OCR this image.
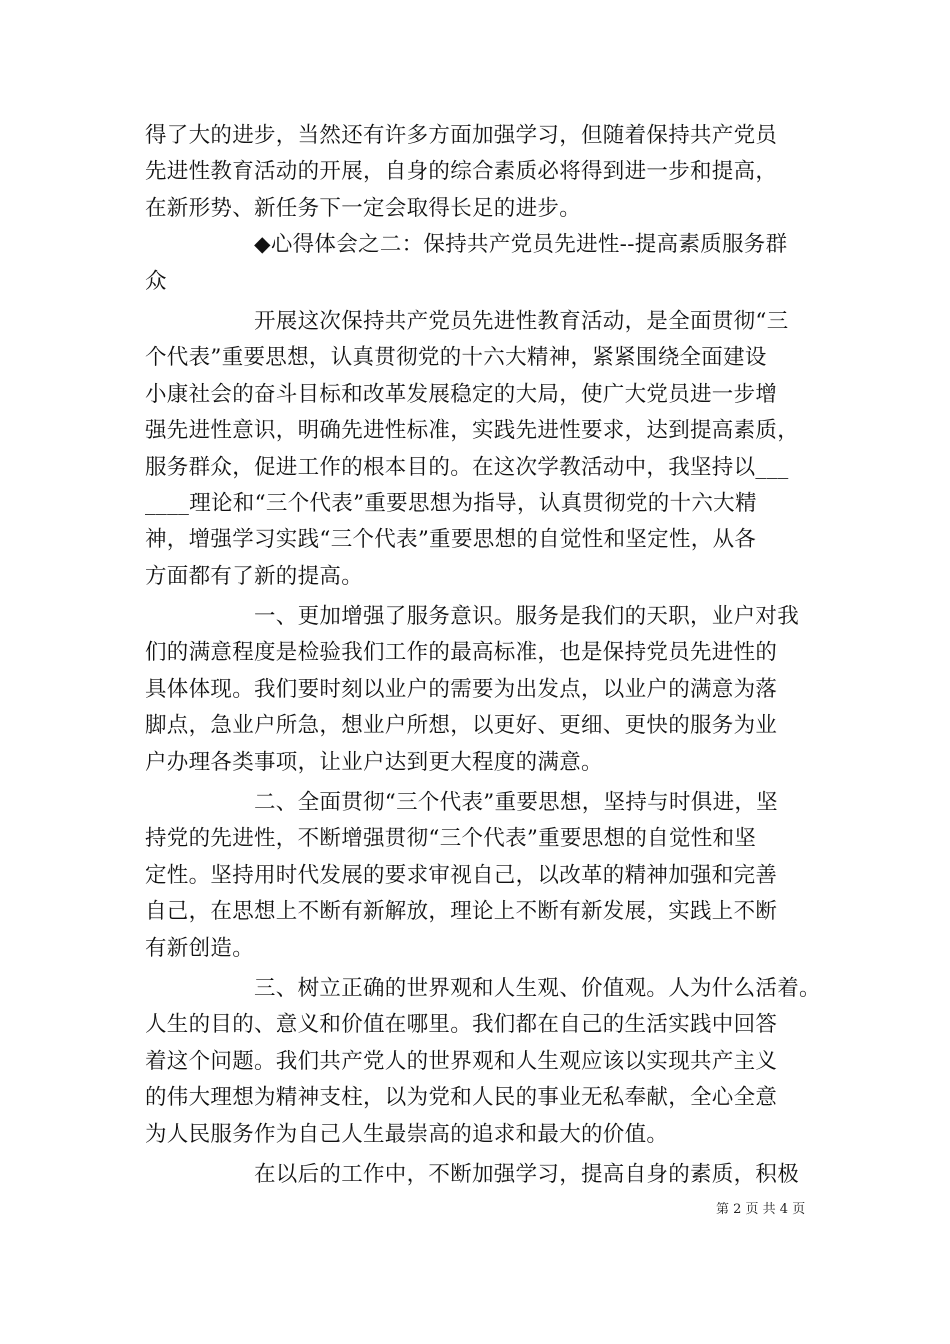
得了大的进步，当然还有许多方面加强学习，但随着保持共产党员
先进性教育活动的开展，自身的综合素质必将得到进一步和提高，
在新形势、新任务下一定会取得长足的进步。
　　　　　◆心得体会之二：保持共产党员先进性--提高素质服务群
众
　　　　　开展这次保持共产党员先进性教育活动，是全面贯彻“三
个代表”重要思想，认真贯彻党的十六大精神，紧紧围绕全面建设
小康社会的奋斗目标和改革发展稳定的大局，使广大党员进一步增
强先进性意识，明确先进性标准，实践先进性要求，达到提高素质，
服务群众，促进工作的根本目的。在这次学教活动中，我坚持以___
____理论和“三个代表”重要思想为指导，认真贯彻党的十六大精
神，增强学习实践“三个代表”重要思想的自觉性和坚定性，从各
方面都有了新的提高。
　　　　　一、更加增强了服务意识。服务是我们的天职，业户对我
们的满意程度是检验我们工作的最高标准，也是保持党员先进性的
具体体现。我们要时刻以业户的需要为出发点，以业户的满意为落
脚点，急业户所急，想业户所想，以更好、更细、更快的服务为业
户办理各类事项，让业户达到更大程度的满意。
　　　　　二、全面贯彻“三个代表”重要思想，坚持与时俱进，坚
持党的先进性，不断增强贯彻“三个代表”重要思想的自觉性和坚
定性。坚持用时代发展的要求审视自己，以改革的精神加强和完善
自己，在思想上不断有新解放，理论上不断有新发展，实践上不断
有新创造。
　　　　　三、树立正确的世界观和人生观、价值观。人为什么活着。
人生的目的、意义和价值在哪里。我们都在自己的生活实践中回答
着这个问题。我们共产党人的世界观和人生观应该以实现共产主义
的伟大理想为精神支柱，以为党和人民的事业无私奉献，全心全意
为人民服务作为自己人生最崇高的追求和最大的价值。
　　　　　在以后的工作中，不断加强学习，提高自身的素质，积极
第 2 页 共 4 页
